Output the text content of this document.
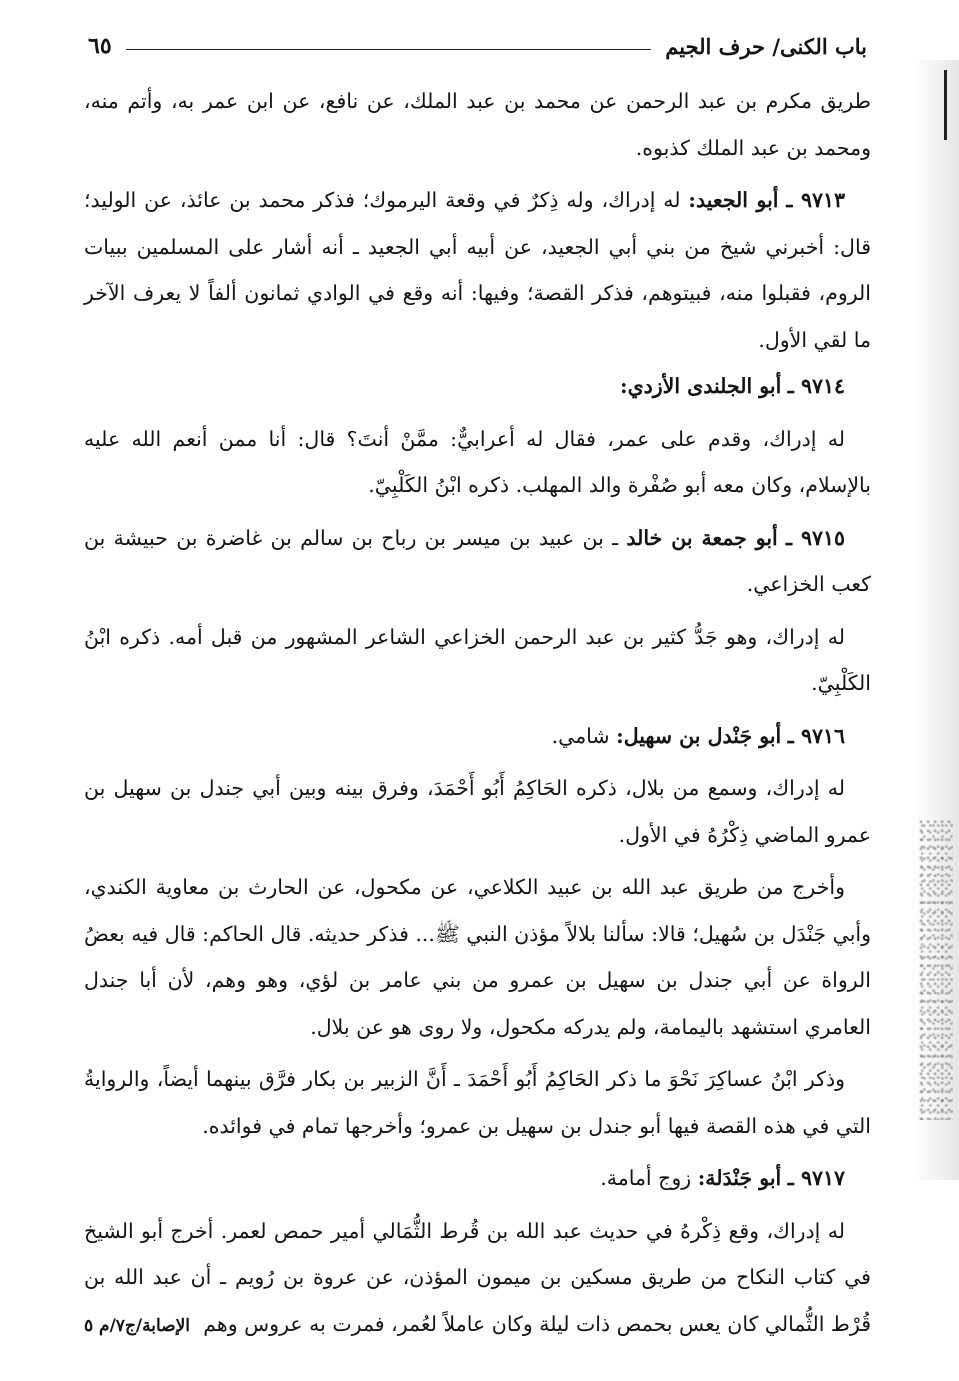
باب الكنى/ حرف الجيم
٦٥

طريق مكرم بن عبد الرحمن عن محمد بن عبد الملك، عن نافع، عن ابن عمر به، وأتم منه، ومحمد بن عبد الملك كذبوه.

٩٧١٣ ـ أبو الجعيد: له إدراك، وله ذِكرٌ في وقعة اليرموك؛ فذكر محمد بن عائذ، عن الوليد؛ قال: أخبرني شيخ من بني أبي الجعيد، عن أبيه أبي الجعيد ـ أنه أشار على المسلمين ببيات الروم، فقبلوا منه، فبيتوهم، فذكر القصة؛ وفيها: أنه وقع في الوادي ثمانون ألفاً لا يعرف الآخر ما لقي الأول.

٩٧١٤ ـ أبو الجلندى الأزدي:

له إدراك، وقدم على عمر، فقال له أعرابيٌّ: ممَّنْ أنتَ؟ قال: أنا ممن أنعم الله عليه بالإسلام، وكان معه أبو صُفْرة والد المهلب. ذكره ابْنُ الكَلْبِيّ.

٩٧١٥ ـ أبو جمعة بن خالد ـ بن عبيد بن ميسر بن رباح بن سالم بن غاضرة بن حبيشة بن كعب الخزاعي.

له إدراك، وهو جَدُّ كثير بن عبد الرحمن الخزاعي الشاعر المشهور من قبل أمه. ذكره ابْنُ الكَلْبِيّ.

٩٧١٦ ـ أبو جَنْدل بن سهيل: شامي.

له إدراك، وسمع من بلال، ذكره الحَاكِمُ أَبُو أَحْمَدَ، وفرق بينه وبين أبي جندل بن سهيل بن عمرو الماضي ذِكْرُهُ في الأول.

وأخرج من طريق عبد الله بن عبيد الكلاعي، عن مكحول، عن الحارث بن معاوية الكندي، وأبي جَنْدَل بن سُهيل؛ قالا: سألنا بلالاً مؤذن النبي ﷺ... فذكر حديثه. قال الحاكم: قال فيه بعضُ الرواة عن أبي جندل بن سهيل بن عمرو من بني عامر بن لؤي، وهو وهم، لأن أبا جندل العامري استشهد باليمامة، ولم يدركه مكحول، ولا روى هو عن بلال.

وذكر ابْنُ عساكِرَ نَحْوَ ما ذكر الحَاكِمُ أَبُو أَحْمَدَ ـ أَنَّ الزبير بن بكار فرَّق بينهما أيضاً، والروايةُ التي في هذه القصة فيها أبو جندل بن سهيل بن عمرو؛ وأخرجها تمام في فوائده.

٩٧١٧ ـ أبو جَنْدَلة: زوج أمامة.

له إدراك، وقع ذِكْرهُ في حديث عبد الله بن قُرط الثُّمَالي أمير حمص لعمر. أخرج أبو الشيخ في كتاب النكاح من طريق مسكين بن ميمون المؤذن، عن عروة بن رُويم ـ أن عبد الله بن قُرْط الثُّمالي كان يعس بحمص ذات ليلة وكان عاملاً لعُمر، فمرت به عروس وهم

الإصابة/ج٧/م ٥
